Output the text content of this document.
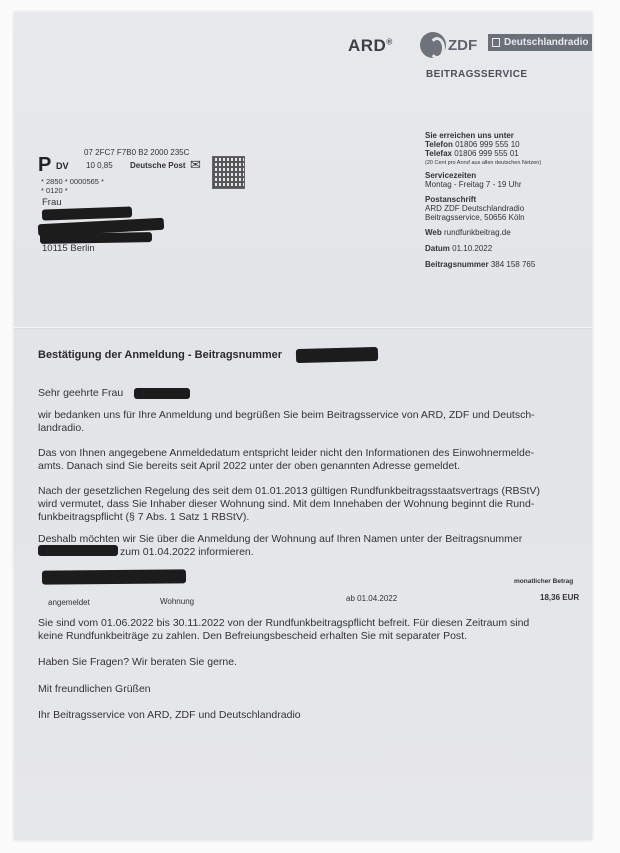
ARD®	ZDF	Deutschlandradio
BEITRAGSSERVICE
07 2FC7 F7B0 B2 2000 235C
P DV 10 0,85 Deutsche Post ✉
* 2850 * 0000565 *
* 0120 *
Frau
10115 Berlin
Sie erreichen uns unter
Telefon 01806 999 555 10
Telefax 01806 999 555 01
(20 Cent pro Anruf aus allen deutschen Netzen)
Servicezeiten
Montag - Freitag 7 - 19 Uhr
Postanschrift
ARD ZDF Deutschlandradio
Beitragsservice, 50656 Köln
Web rundfunkbeitrag.de
Datum 01.10.2022
Beitragsnummer 384 158 765
Bestätigung der Anmeldung - Beitragsnummer
Sehr geehrte Frau
wir bedanken uns für Ihre Anmeldung und begrüßen Sie beim Beitragsservice von ARD, ZDF und Deutsch-
landradio.
Das von Ihnen angegebene Anmeldedatum entspricht leider nicht den Informationen des Einwohnermelde-
amts. Danach sind Sie bereits seit April 2022 unter der oben genannten Adresse gemeldet.
Nach der gesetzlichen Regelung des seit dem 01.01.2013 gültigen Rundfunkbeitragsstaatsvertrags (RBStV)
wird vermutet, dass Sie Inhaber dieser Wohnung sind. Mit dem Innehaben der Wohnung beginnt die Rund-
funkbeitragspflicht (§ 7 Abs. 1 Satz 1 RBStV).
Deshalb möchten wir Sie über die Anmeldung der Wohnung auf Ihren Namen unter der Beitragsnummer
zum 01.04.2022 informieren.
monatlicher Betrag
angemeldet	Wohnung	ab 01.04.2022	18,36 EUR
Sie sind vom 01.06.2022 bis 30.11.2022 von der Rundfunkbeitragspflicht befreit. Für diesen Zeitraum sind
keine Rundfunkbeiträge zu zahlen. Den Befreiungsbescheid erhalten Sie mit separater Post.
Haben Sie Fragen? Wir beraten Sie gerne.
Mit freundlichen Grüßen
Ihr Beitragsservice von ARD, ZDF und Deutschlandradio
